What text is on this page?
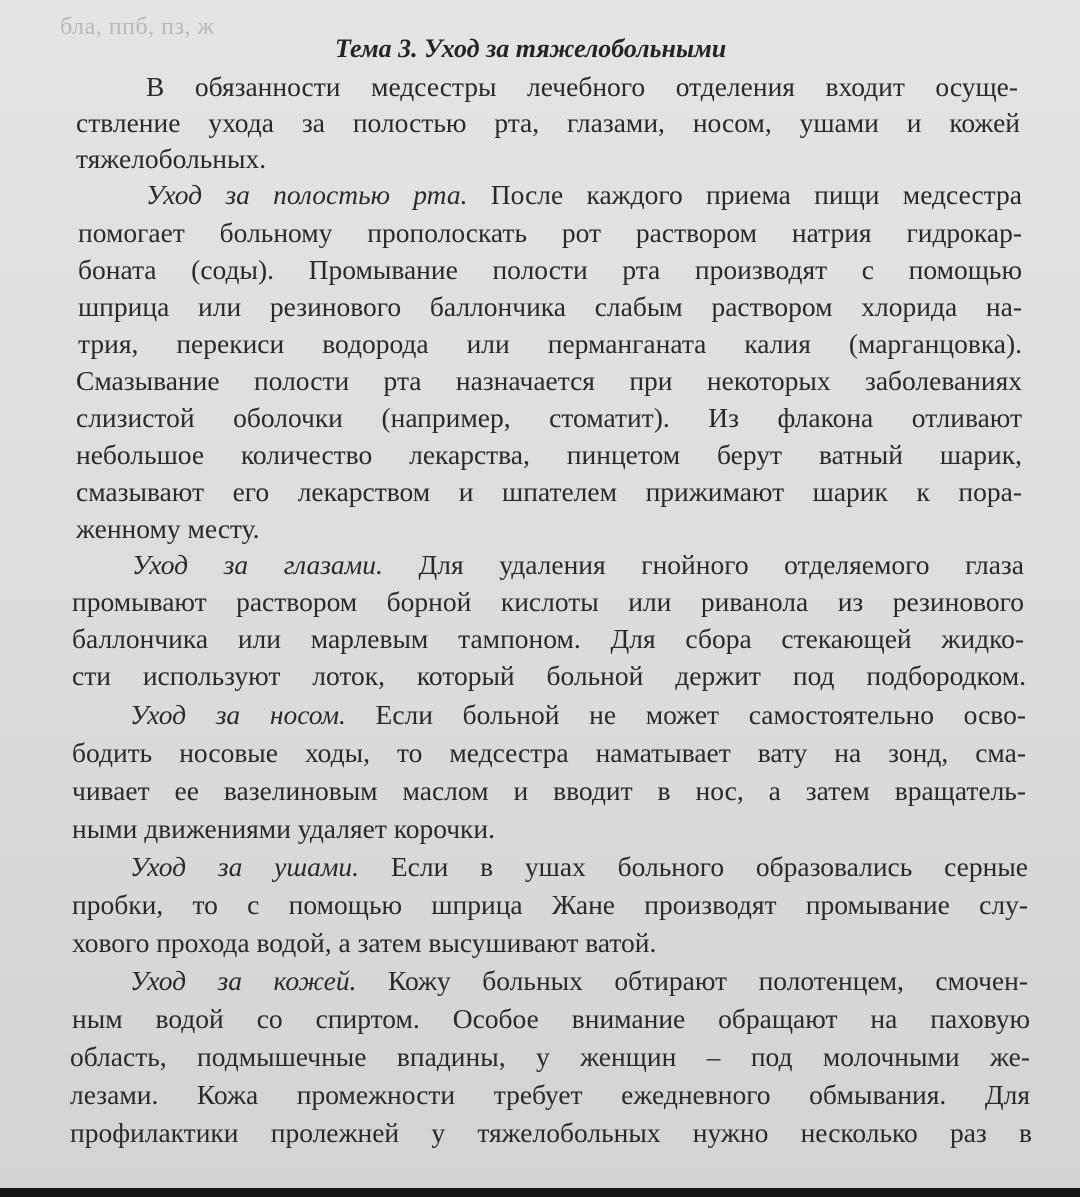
бла, ппб, пз, ж
Тема 3. Уход за тяжелобольными
В обязанности медсестры лечебного отделения входит осуще-
ствление ухода за полостью рта, глазами, носом, ушами и кожей
тяжелобольных.
Уход за полостью рта. После каждого приема пищи медсестра
помогает больному прополоскать рот раствором натрия гидрокар-
боната (соды). Промывание полости рта производят с помощью
шприца или резинового баллончика слабым раствором хлорида на-
трия, перекиси водорода или перманганата калия (марганцовка).
Смазывание полости рта назначается при некоторых заболеваниях
слизистой оболочки (например, стоматит). Из флакона отливают
небольшое количество лекарства, пинцетом берут ватный шарик,
смазывают его лекарством и шпателем прижимают шарик к пора-
женному месту.
Уход за глазами. Для удаления гнойного отделяемого глаза
промывают раствором борной кислоты или риванола из резинового
баллончика или марлевым тампоном. Для сбора стекающей жидко-
сти используют лоток, который больной держит под подбородком.
Уход за носом. Если больной не может самостоятельно осво-
бодить носовые ходы, то медсестра наматывает вату на зонд, сма-
чивает ее вазелиновым маслом и вводит в нос, а затем вращатель-
ными движениями удаляет корочки.
Уход за ушами. Если в ушах больного образовались серные
пробки, то с помощью шприца Жане производят промывание слу-
хового прохода водой, а затем высушивают ватой.
Уход за кожей. Кожу больных обтирают полотенцем, смочен-
ным водой со спиртом. Особое внимание обращают на паховую
область, подмышечные впадины, у женщин – под молочными же-
лезами. Кожа промежности требует ежедневного обмывания. Для
профилактики пролежней у тяжелобольных нужно несколько раз в
